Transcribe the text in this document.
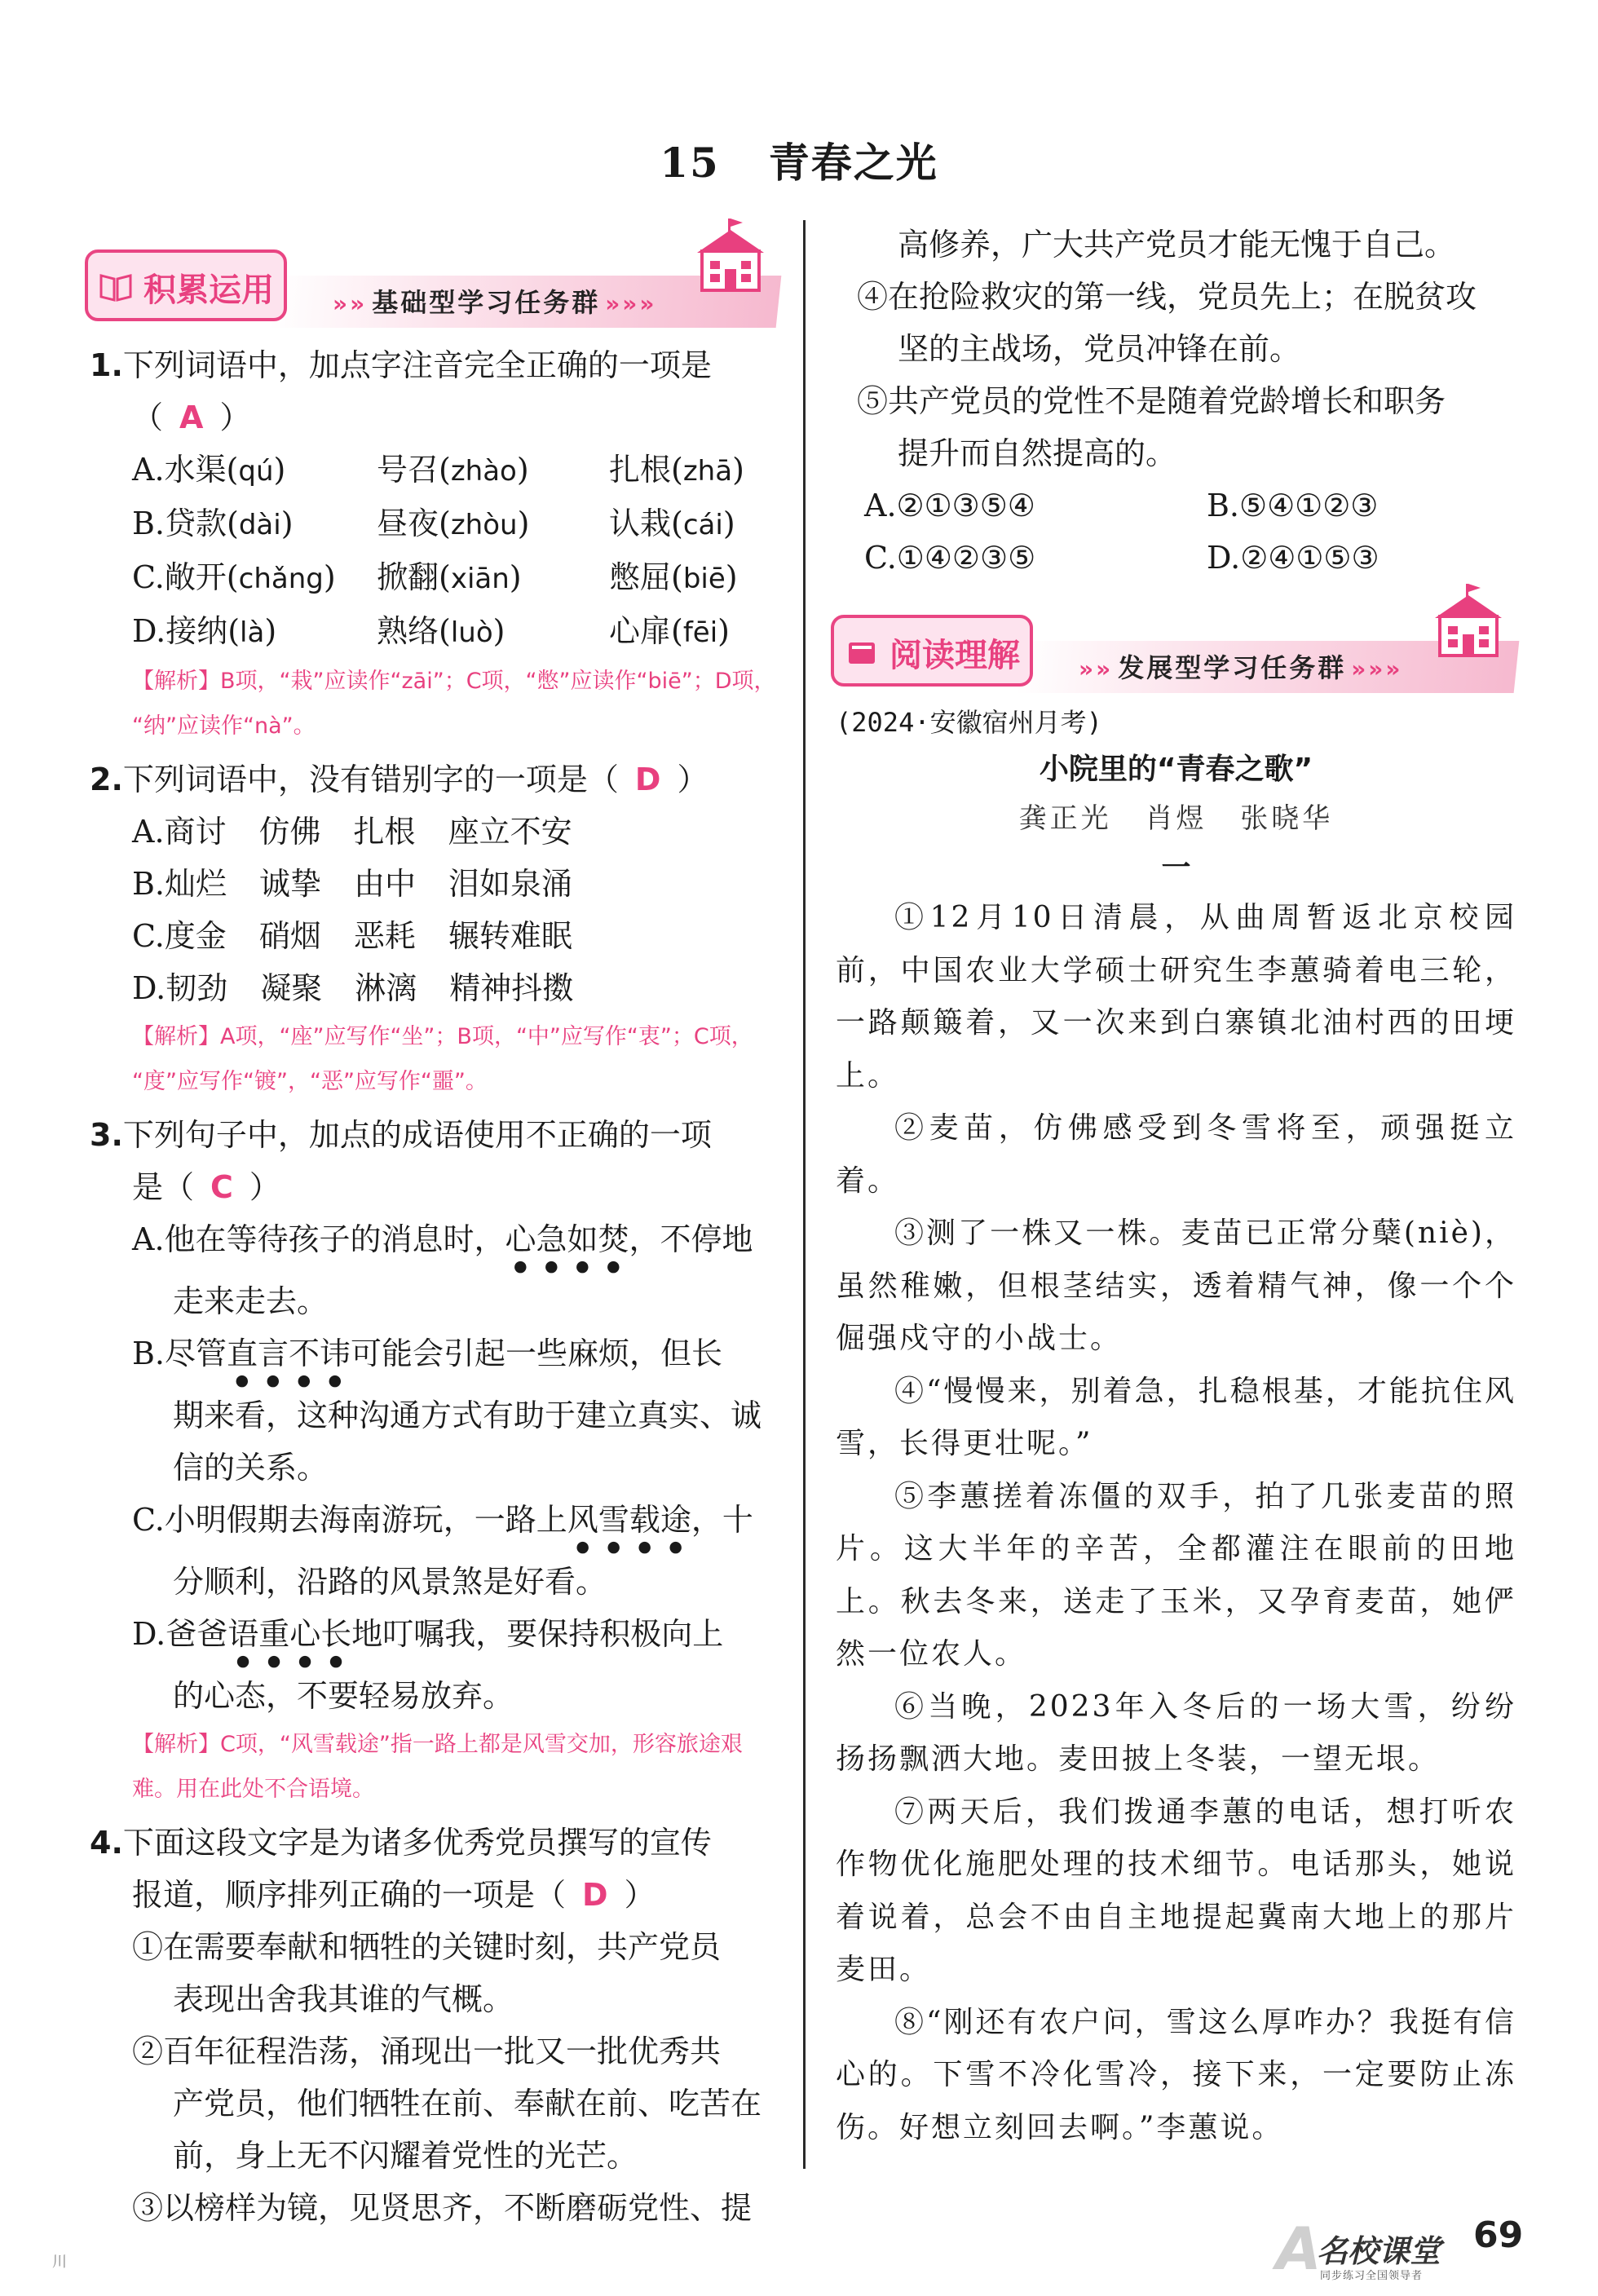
15 青春之光
积累运用	»» 基础型学习任务群 »»»
1.下列词语中，加点字注音完全正确的一项是
（ A ）
A.水渠(qú)	号召(zhào)	扎根(zhā)
B.贷款(dài)	昼夜(zhòu)	认栽(cái)
C.敞开(chǎng)	掀翻(xiān)	憋屈(biē)
D.接纳(là)	熟络(luò)	心扉(fēi)
【解析】B项，“栽”应读作“zāi”；C项，“憋”应读作“biē”；D项，
“纳”应读作“nà”。
2.下列词语中，没有错别字的一项是（ D ）
A.商讨 仿佛 扎根 座立不安
B.灿烂 诚挚 由中 泪如泉涌
C.度金 硝烟 恶耗 辗转难眠
D.韧劲 凝聚 淋漓 精神抖擞
【解析】A项，“座”应写作“坐”；B项，“中”应写作“衷”；C项，
“度”应写作“镀”，“恶”应写作“噩”。
3.下列句子中，加点的成语使用不正确的一项
是（ C ）
A.他在等待孩子的消息时，心急如焚，不停地
走来走去。
B.尽管直言不讳可能会引起一些麻烦，但长
期来看，这种沟通方式有助于建立真实、诚
信的关系。
C.小明假期去海南游玩，一路上风雪载途，十
分顺利，沿路的风景煞是好看。
D.爸爸语重心长地叮嘱我，要保持积极向上
的心态，不要轻易放弃。
【解析】C项，“风雪载途”指一路上都是风雪交加，形容旅途艰
难。用在此处不合语境。
4.下面这段文字是为诸多优秀党员撰写的宣传
报道，顺序排列正确的一项是（ D ）
①在需要奉献和牺牲的关键时刻，共产党员
表现出舍我其谁的气概。
②百年征程浩荡，涌现出一批又一批优秀共
产党员，他们牺牲在前、奉献在前、吃苦在
前，身上无不闪耀着党性的光芒。
③以榜样为镜，见贤思齐，不断磨砺党性、提
高修养，广大共产党员才能无愧于自己。
④在抢险救灾的第一线，党员先上；在脱贫攻
坚的主战场，党员冲锋在前。
⑤共产党员的党性不是随着党龄增长和职务
提升而自然提高的。
A.②①③⑤④	B.⑤④①②③
C.①④②③⑤	D.②④①⑤③
阅读理解	»» 发展型学习任务群 »»»
(2024·安徽宿州月考)
小院里的“青春之歌”
龚正光 肖煜 张晓华
一
①12月10日清晨，从曲周暂返北京校园前，中国农业大学硕士研究生李蕙骑着电三轮，一路颠簸着，又一次来到白寨镇北油村西的田埂上。
②麦苗，仿佛感受到冬雪将至，顽强挺立着。
③测了一株又一株。麦苗已正常分蘖(niè)，虽然稚嫩，但根茎结实，透着精气神，像一个个倔强戍守的小战士。
④“慢慢来，别着急，扎稳根基，才能抗住风雪，长得更壮呢。”
⑤李蕙搓着冻僵的双手，拍了几张麦苗的照片。这大半年的辛苦，全都灌注在眼前的田地上。秋去冬来，送走了玉米，又孕育麦苗，她俨然一位农人。
⑥当晚，2023年入冬后的一场大雪，纷纷扬扬飘洒大地。麦田披上冬装，一望无垠。
⑦两天后，我们拨通李蕙的电话，想打听农作物优化施肥处理的技术细节。电话那头，她说着说着，总会不由自主地提起冀南大地上的那片麦田。
⑧“刚还有农户问，雪这么厚咋办？我挺有信心的。下雪不冷化雪冷，接下来，一定要防止冻伤。好想立刻回去啊。”李蕙说。
川	A
名校课堂
同步练习全国领导者
69
